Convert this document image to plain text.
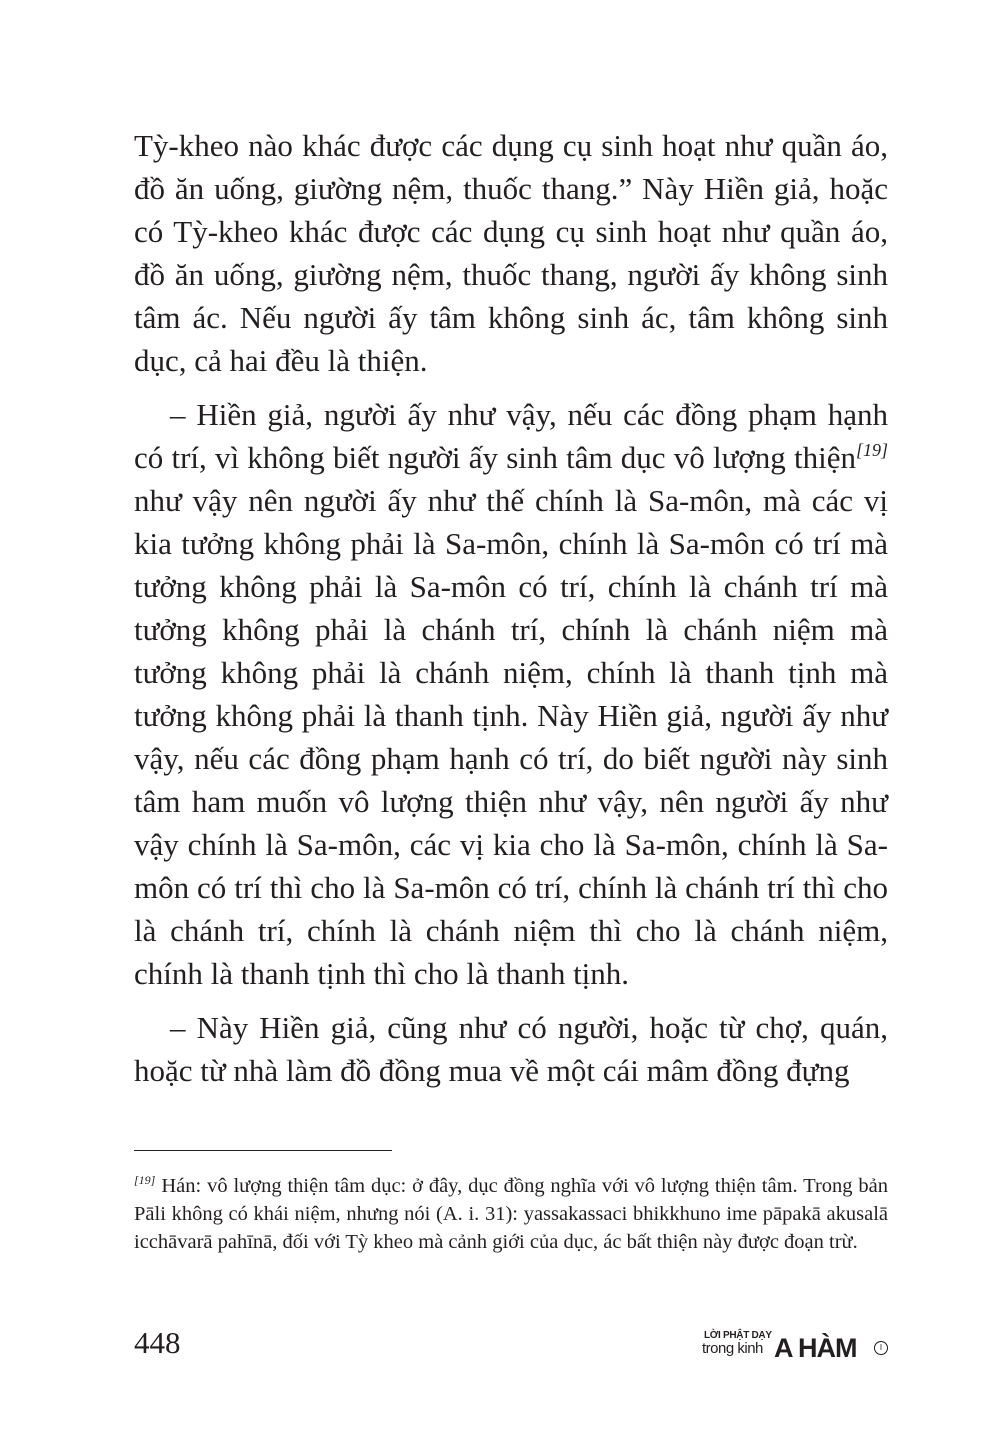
Tỳ-kheo nào khác được các dụng cụ sinh hoạt như quần áo, đồ ăn uống, giường nệm, thuốc thang.” Này Hiền giả, hoặc có Tỳ-kheo khác được các dụng cụ sinh hoạt như quần áo, đồ ăn uống, giường nệm, thuốc thang, người ấy không sinh tâm ác. Nếu người ấy tâm không sinh ác, tâm không sinh dục, cả hai đều là thiện.

– Hiền giả, người ấy như vậy, nếu các đồng phạm hạnh có trí, vì không biết người ấy sinh tâm dục vô lượng thiện[19] như vậy nên người ấy như thế chính là Sa-môn, mà các vị kia tưởng không phải là Sa-môn, chính là Sa-môn có trí mà tưởng không phải là Sa-môn có trí, chính là chánh trí mà tưởng không phải là chánh trí, chính là chánh niệm mà tưởng không phải là chánh niệm, chính là thanh tịnh mà tưởng không phải là thanh tịnh. Này Hiền giả, người ấy như vậy, nếu các đồng phạm hạnh có trí, do biết người này sinh tâm ham muốn vô lượng thiện như vậy, nên người ấy như vậy chính là Sa-môn, các vị kia cho là Sa-môn, chính là Sa-môn có trí thì cho là Sa-môn có trí, chính là chánh trí thì cho là chánh trí, chính là chánh niệm thì cho là chánh niệm, chính là thanh tịnh thì cho là thanh tịnh.

– Này Hiền giả, cũng như có người, hoặc từ chợ, quán, hoặc từ nhà làm đồ đồng mua về một cái mâm đồng đựng

[19] Hán: vô lượng thiện tâm dục: ở đây, dục đồng nghĩa với vô lượng thiện tâm. Trong bản Pāli không có khái niệm, nhưng nói (A. i. 31): yassakassaci bhikkhuno ime pāpakā akusalā icchāvarā pahīnā, đối với Tỳ kheo mà cảnh giới của dục, ác bất thiện này được đoạn trừ.
448	LỜI PHẬT DẠY
trong kinh A HÀM	I
